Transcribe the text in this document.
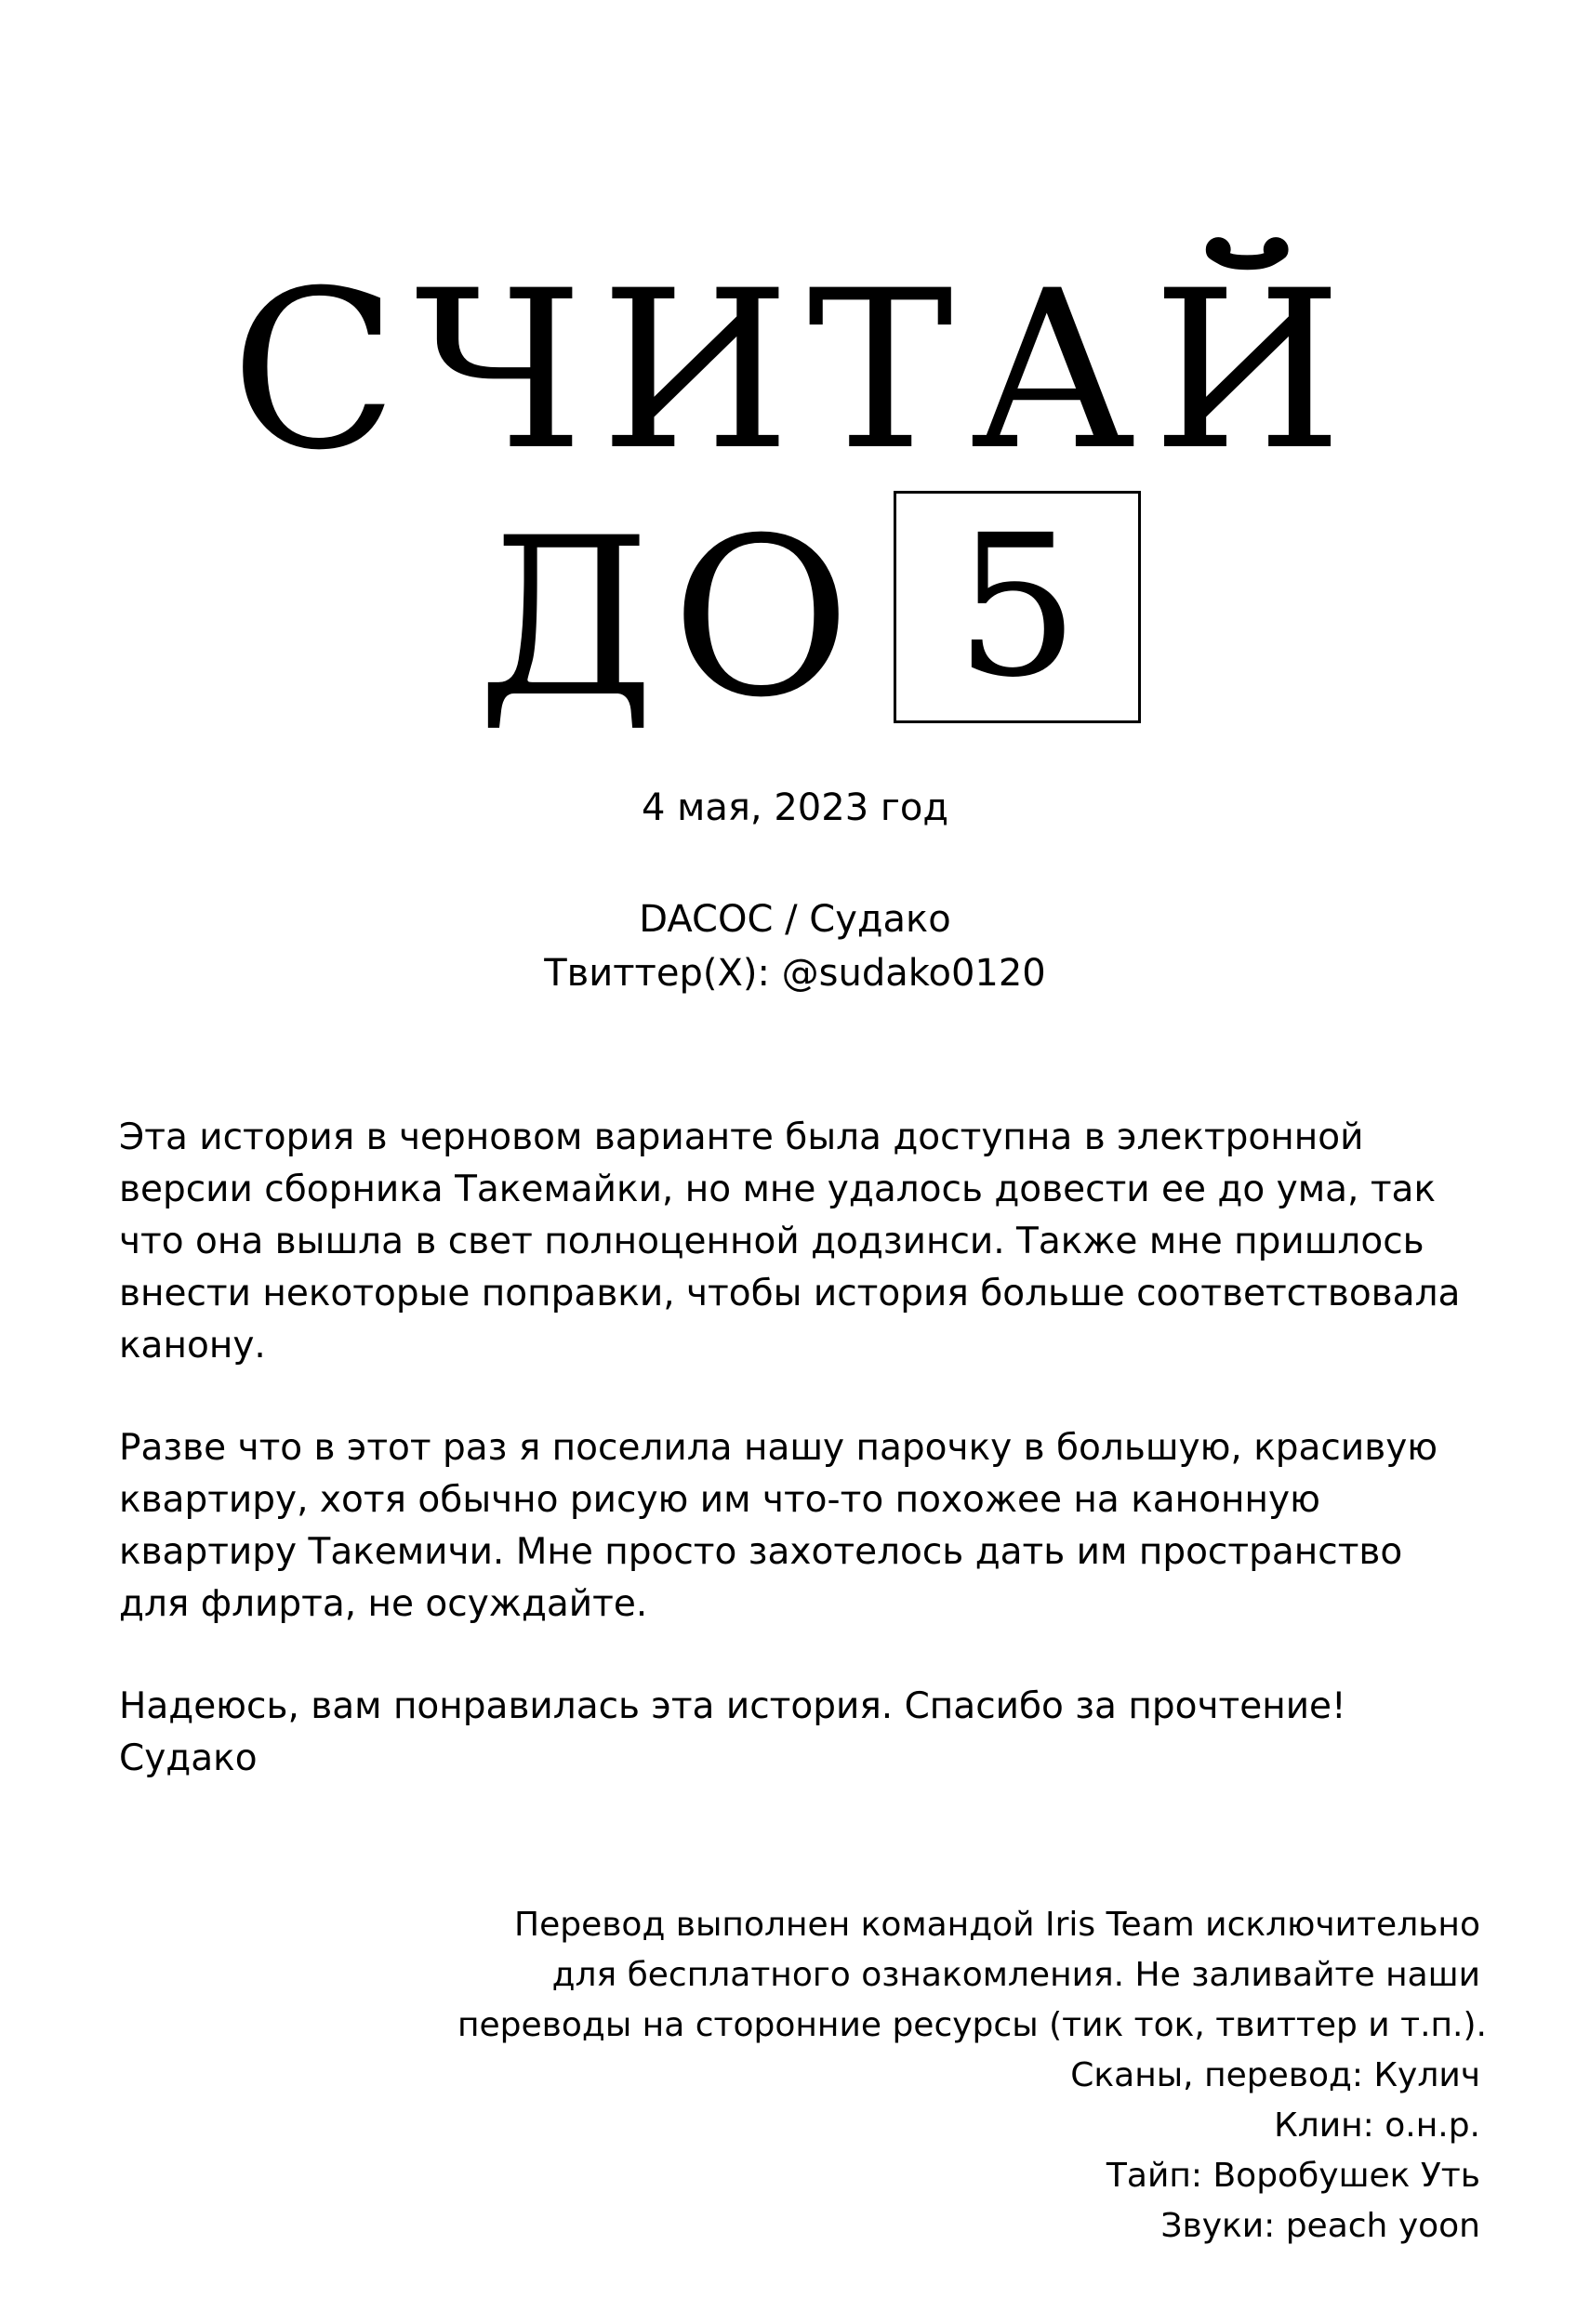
СЧИТАЙ
ДО 5
4 мая, 2023 год
DACOC / Судако
Твиттер(X): @sudako0120

Эта история в черновом варианте была доступна в электронной версии сборника Такемайки, но мне удалось довести ее до ума, так что она вышла в свет полноценной додзинси. Также мне пришлось внести некоторые поправки, чтобы история больше соответствовала канону.

Разве что в этот раз я поселила нашу парочку в большую, красивую квартиру, хотя обычно рисую им что-то похожее на канонную квартиру Такемичи. Мне просто захотелось дать им пространство для флирта, не осуждайте.

Надеюсь, вам понравилась эта история. Спасибо за прочтение!
Судако
Перевод выполнен командой Iris Team исключительно
для бесплатного ознакомления. Не заливайте наши
переводы на сторонние ресурсы (тик ток, твиттер и т.п.).
Сканы, перевод: Кулич
Клин: о.н.р.
Тайп: Воробушек Уть
Звуки: peach yoon
